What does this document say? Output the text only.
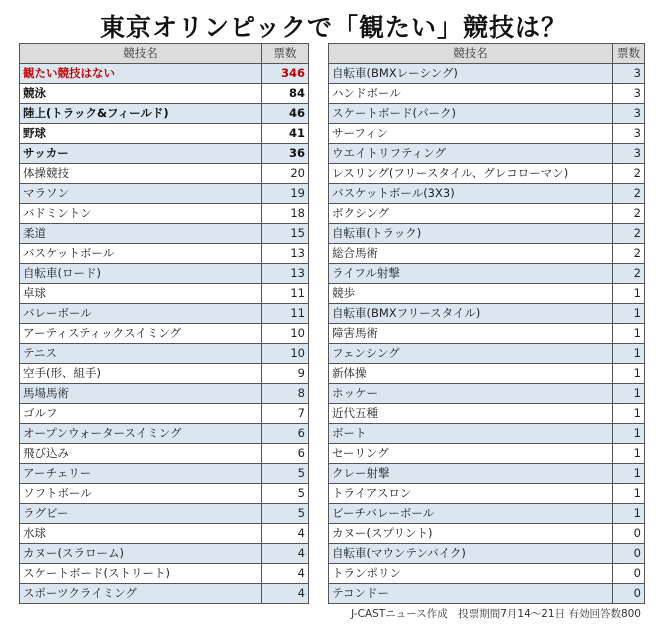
東京オリンピックで「観たい」競技は？
競技名	票数
観たい競技はない	346
競泳	84
陸上(トラック&フィールド)	46
野球	41
サッカー	36
体操競技	20
マラソン	19
バドミントン	18
柔道	15
バスケットボール	13
自転車(ロード)	13
卓球	11
バレーボール	11
アーティスティックスイミング	10
テニス	10
空手(形、組手)	9
馬場馬術	8
ゴルフ	7
オープンウォータースイミング	6
飛び込み	6
アーチェリー	5
ソフトボール	5
ラグビー	5
水球	4
カヌー(スラローム)	4
スケートボード(ストリート)	4
スポーツクライミング	4
競技名	票数
自転車(BMXレーシング)	3
ハンドボール	3
スケートボード(パーク)	3
サーフィン	3
ウエイトリフティング	3
レスリング(フリースタイル、グレコローマン)	2
バスケットボール(3X3)	2
ボクシング	2
自転車(トラック)	2
総合馬術	2
ライフル射撃	2
競歩	1
自転車(BMXフリースタイル)	1
障害馬術	1
フェンシング	1
新体操	1
ホッケー	1
近代五種	1
ボート	1
セーリング	1
クレー射撃	1
トライアスロン	1
ビーチバレーボール	1
カヌー(スプリント)	0
自転車(マウンテンバイク)	0
トランポリン	0
テコンドー	0
J-CASTニュース作成　投票期間7月14～21日 有効回答数800
